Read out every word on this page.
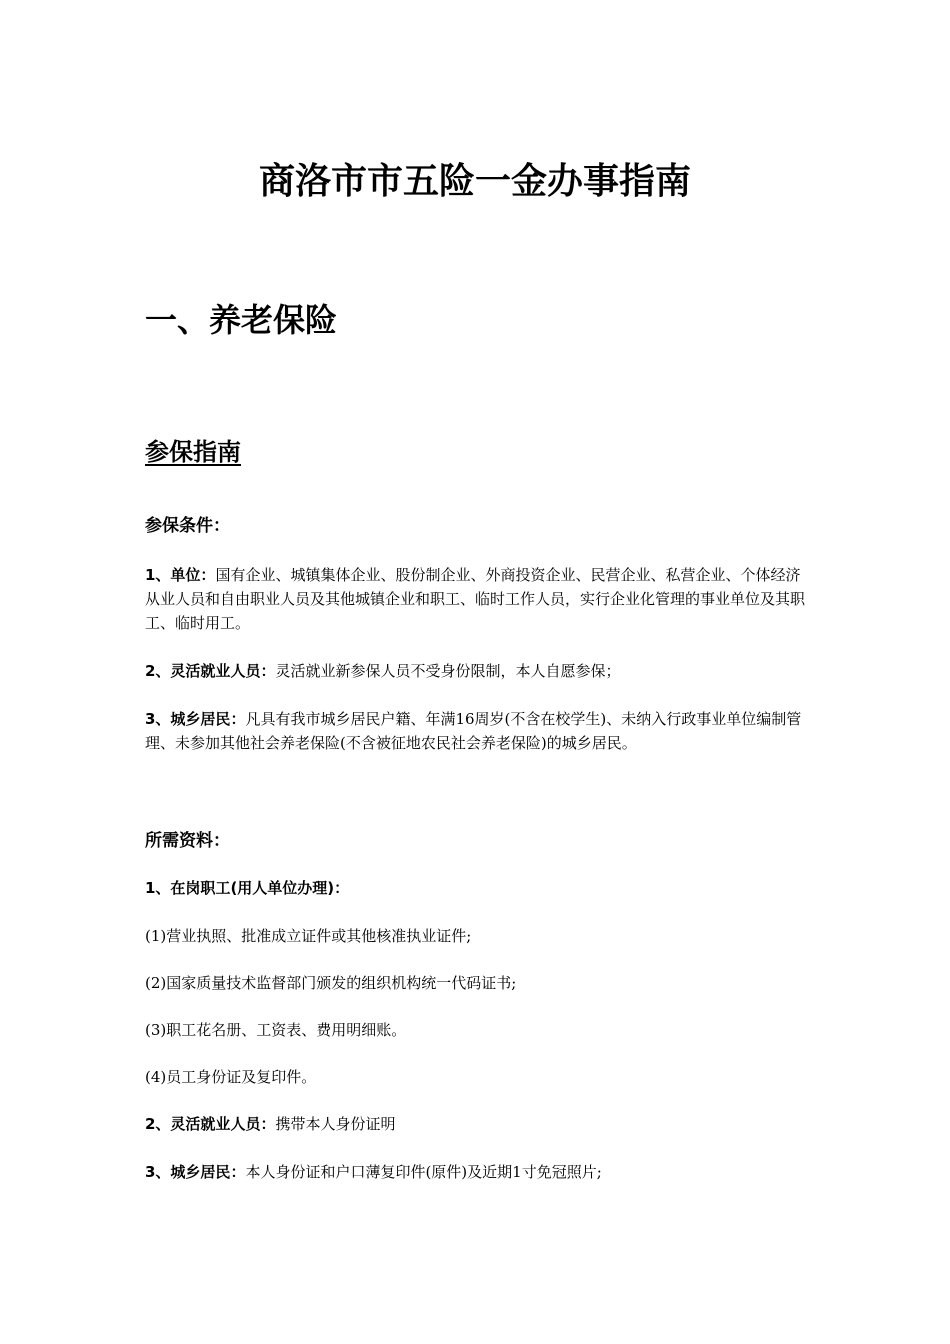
商洛市市五险一金办事指南
一、养老保险
参保指南

参保条件：

1、单位：国有企业、城镇集体企业、股份制企业、外商投资企业、民营企业、私营企业、个体经济从业人员和自由职业人员及其他城镇企业和职工、临时工作人员，实行企业化管理的事业单位及其职工、临时用工。

2、灵活就业人员：灵活就业新参保人员不受身份限制，本人自愿参保；

3、城乡居民：凡具有我市城乡居民户籍、年满16周岁(不含在校学生)、未纳入行政事业单位编制管理、未参加其他社会养老保险(不含被征地农民社会养老保险)的城乡居民。

所需资料：

1、在岗职工(用人单位办理)：

(1)营业执照、批准成立证件或其他核准执业证件;

(2)国家质量技术监督部门颁发的组织机构统一代码证书;

(3)职工花名册、工资表、费用明细账。

(4)员工身份证及复印件。

2、灵活就业人员：携带本人身份证明

3、城乡居民：本人身份证和户口薄复印件(原件)及近期1寸免冠照片;
